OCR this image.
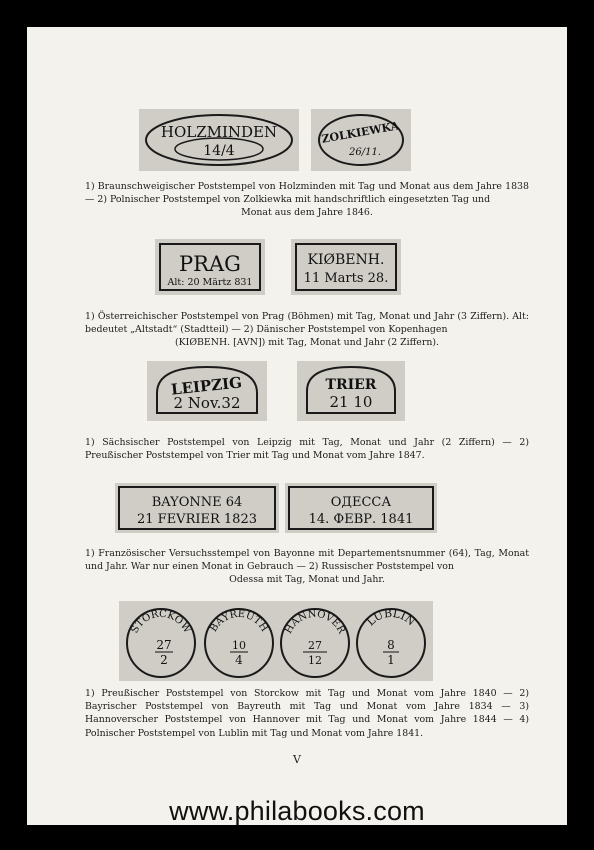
HOLZMINDEN
14/4
ZOLKIEWKA
26/11.
1) Braunschweigischer Poststempel von Holzminden mit Tag und Monat aus dem Jahre 1838 — 2) Polnischer Poststempel von Zolkiewka mit handschriftlich eingesetzten Tag und
Monat aus dem Jahre 1846.
PRAG
Alt: 20 Märtz 831
KIØBENH.
11 Marts 28.
1) Österreichischer Poststempel von Prag (Böhmen) mit Tag, Monat und Jahr (3 Ziffern). Alt: bedeutet „Altstadt“ (Stadtteil) — 2) Dänischer Poststempel von Kopenhagen
(KIØBENH. [AVN]) mit Tag, Monat und Jahr (2 Ziffern).
LEIPZIG
2 Nov.32
TRIER
21 10
1) Sächsischer Poststempel von Leipzig mit Tag, Monat und Jahr (2 Ziffern) — 2) Preußischer Poststempel von Trier mit Tag und Monat vom Jahre 1847.
BAYONNE 64
21 FEVRIER 1823
ОДЕССА
14. ФЕВР. 1841
1) Französischer Versuchsstempel von Bayonne mit Departementsnummer (64), Tag, Monat und Jahr. War nur einen Monat in Gebrauch — 2) Russischer Poststempel von
Odessa mit Tag, Monat und Jahr.
STORCKOW
27
2
BAYREUTH
10
4
HANNOVER
27
12
LUBLIN
8
1
1) Preußischer Poststempel von Storckow mit Tag und Monat vom Jahre 1840 — 2) Bayrischer Poststempel von Bayreuth mit Tag und Monat vom Jahre 1834 — 3) Hannoverscher Poststempel von Hannover mit Tag und Monat vom Jahre 1844 — 4) Polnischer Poststempel von Lublin mit Tag und Monat vom Jahre 1841.
V
www.philabooks.com
